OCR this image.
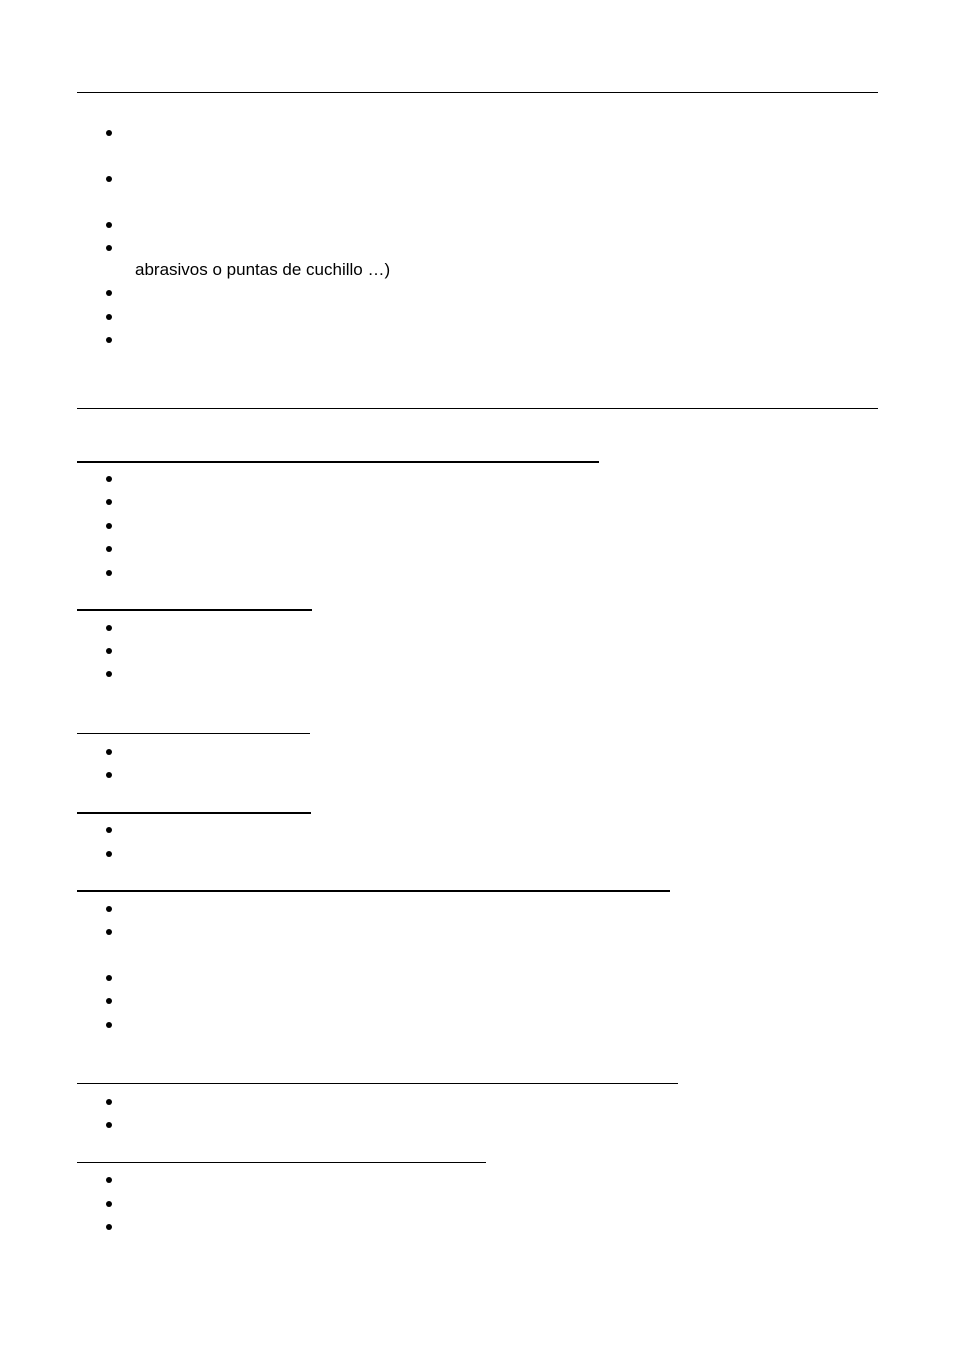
abrasivos o puntas de cuchillo …)
